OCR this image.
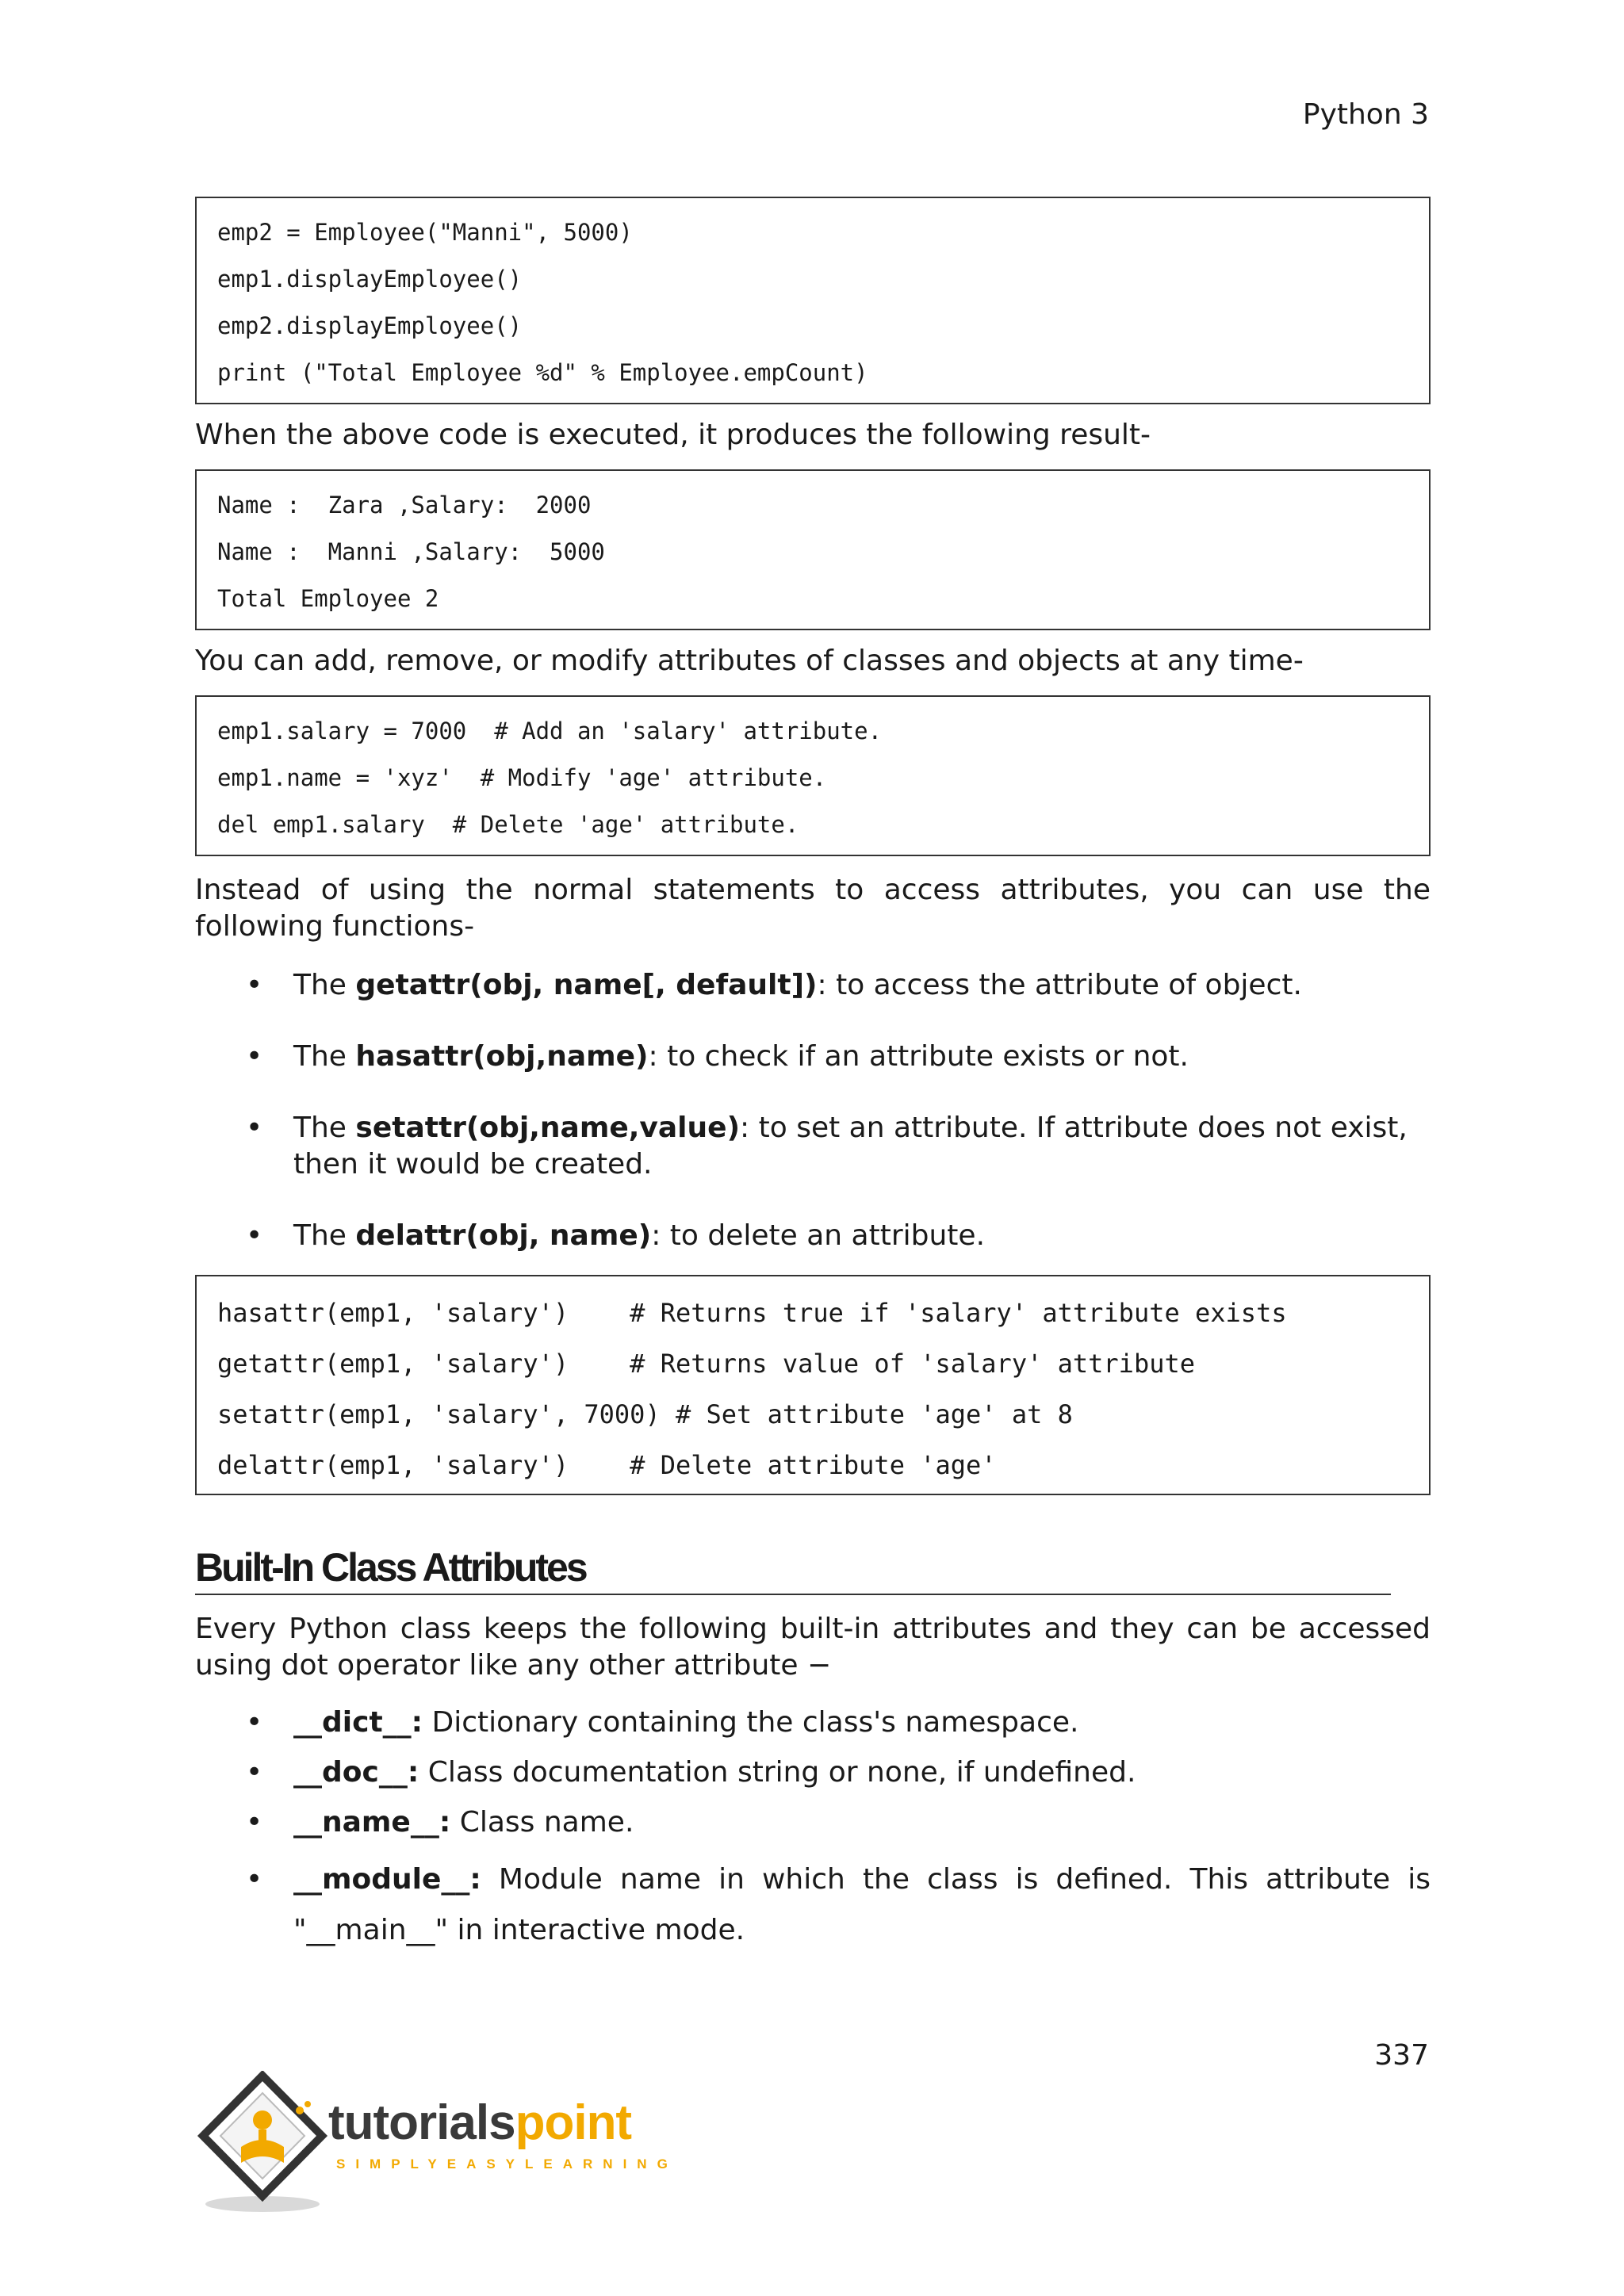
Python 3
emp2 = Employee("Manni", 5000)
emp1.displayEmployee()
emp2.displayEmployee()
print ("Total Employee %d" % Employee.empCount)
When the above code is executed, it produces the following result-
Name :  Zara ,Salary:  2000
Name :  Manni ,Salary:  5000
Total Employee 2
You can add, remove, or modify attributes of classes and objects at any time-
emp1.salary = 7000  # Add an 'salary' attribute.
emp1.name = 'xyz'  # Modify 'age' attribute.
del emp1.salary  # Delete 'age' attribute.
Instead of using the normal statements to access attributes, you can use the following functions-
• The getattr(obj, name[, default]): to access the attribute of object.
• The hasattr(obj,name): to check if an attribute exists or not.
• The setattr(obj,name,value): to set an attribute. If attribute does not exist, then it would be created.
• The delattr(obj, name): to delete an attribute.
hasattr(emp1, 'salary')    # Returns true if 'salary' attribute exists
getattr(emp1, 'salary')    # Returns value of 'salary' attribute
setattr(emp1, 'salary', 7000) # Set attribute 'age' at 8
delattr(emp1, 'salary')    # Delete attribute 'age'
Built-In Class Attributes
Every Python class keeps the following built-in attributes and they can be accessed using dot operator like any other attribute −
• __dict__: Dictionary containing the class's namespace.
• __doc__: Class documentation string or none, if undefined.
• __name__: Class name.
• __module__: Module name in which the class is defined. This attribute is "__main__" in interactive mode.
337
tutorialspoint
SIMPLYEASYLEARNING
